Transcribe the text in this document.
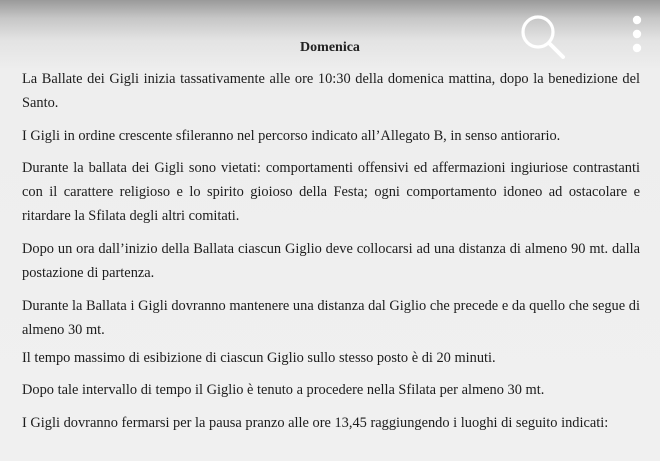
Domenica

La Ballate dei Gigli inizia tassativamente alle ore 10:30 della domenica mattina, dopo la benedizione del Santo.

I Gigli in ordine crescente sfileranno nel percorso indicato all’Allegato B, in senso antiorario.

Durante la ballata dei Gigli sono vietati: comportamenti offensivi ed affermazioni ingiuriose contrastanti con il carattere religioso e lo spirito gioioso della Festa; ogni comportamento idoneo ad ostacolare e ritardare la Sfilata degli altri comitati.

Dopo un ora dall’inizio della Ballata ciascun Giglio deve collocarsi ad una distanza di almeno 90 mt. dalla postazione di partenza.

Durante la Ballata i Gigli dovranno mantenere una distanza dal Giglio che precede e da quello che segue di almeno 30 mt.

Il tempo massimo di esibizione di ciascun Giglio sullo stesso posto è di 20 minuti.

Dopo tale intervallo di tempo il Giglio è tenuto a procedere nella Sfilata per almeno 30 mt.

I Gigli dovranno fermarsi per la pausa pranzo alle ore 13,45 raggiungendo i luoghi di seguito indicati:
